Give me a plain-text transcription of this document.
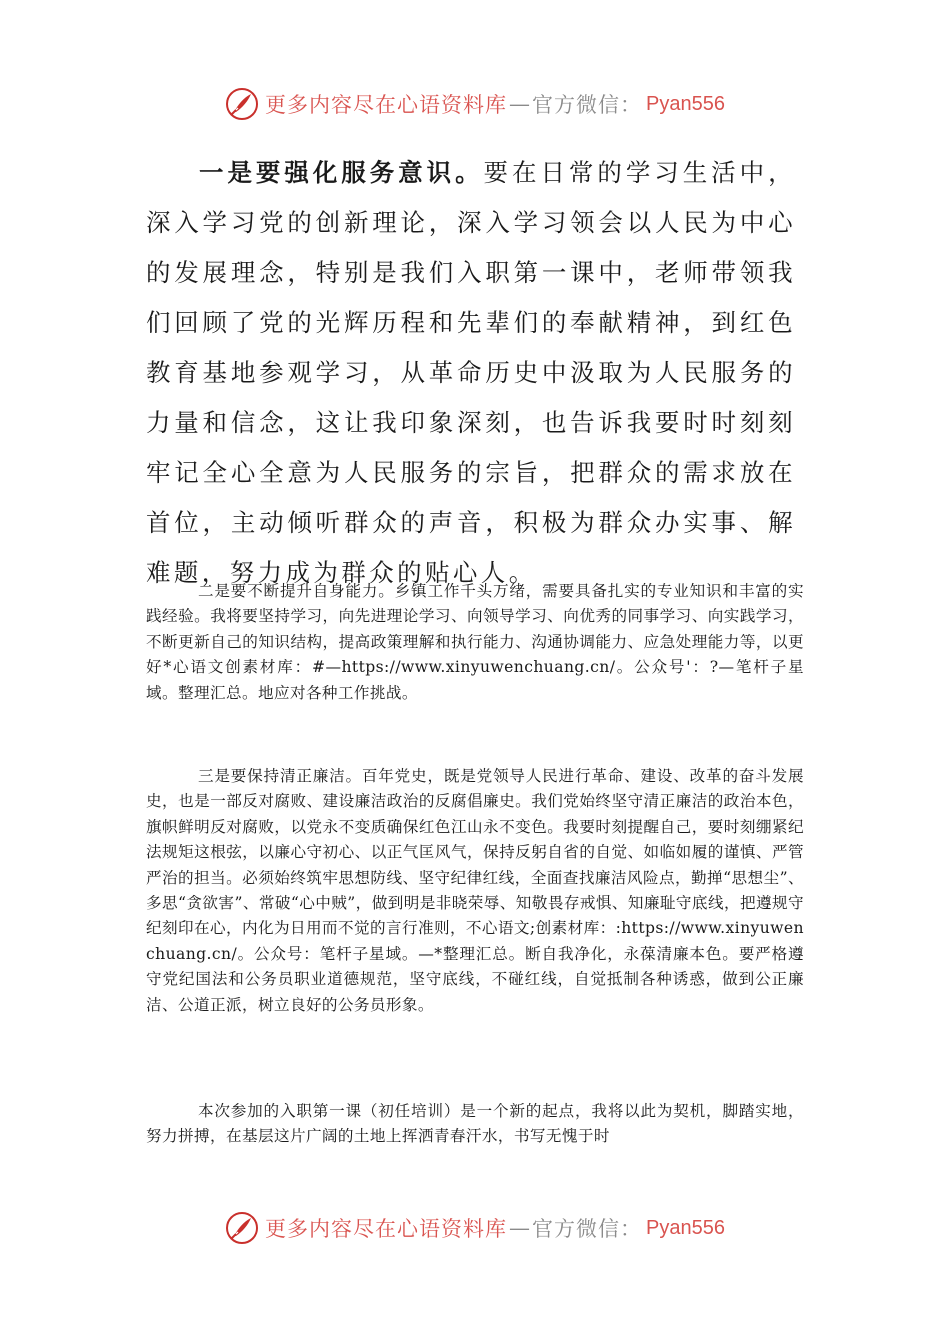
更多内容尽在心语资料库 — 官方微信： Pyan556

一是要强化服务意识。要在日常的学习生活中，深入学习党的创新理论，深入学习领会以人民为中心的发展理念，特别是我们入职第一课中，老师带领我们回顾了党的光辉历程和先辈们的奉献精神，到红色教育基地参观学习，从革命历史中汲取为人民服务的力量和信念，这让我印象深刻，也告诉我要时时刻刻牢记全心全意为人民服务的宗旨，把群众的需求放在首位，主动倾听群众的声音，积极为群众办实事、解难题，努力成为群众的贴心人。

二是要不断提升自身能力。乡镇工作千头万绪，需要具备扎实的专业知识和丰富的实践经验。我将要坚持学习，向先进理论学习、向领导学习、向优秀的同事学习、向实践学习，不断更新自己的知识结构，提高政策理解和执行能力、沟通协调能力、应急处理能力等，以更好*心语文创素材库：#—https://www.xinyuwenchuang.cn/。公众号'：?—笔杆子星域。整理汇总。地应对各种工作挑战。

三是要保持清正廉洁。百年党史，既是党领导人民进行革命、建设、改革的奋斗发展史，也是一部反对腐败、建设廉洁政治的反腐倡廉史。我们党始终坚守清正廉洁的政治本色，旗帜鲜明反对腐败，以党永不变质确保红色江山永不变色。我要时刻提醒自己，要时刻绷紧纪法规矩这根弦，以廉心守初心、以正气匡风气，保持反躬自省的自觉、如临如履的谨慎、严管严治的担当。必须始终筑牢思想防线、坚守纪律红线，全面查找廉洁风险点，勤掸“思想尘”、多思“贪欲害”、常破“心中贼”，做到明是非晓荣辱、知敬畏存戒惧、知廉耻守底线，把遵规守纪刻印在心，内化为日用而不觉的言行准则，不心语文;创素材库：:https://www.xinyuwenchuang.cn/。公众号：笔杆子星域。—*整理汇总。断自我净化，永葆清廉本色。要严格遵守党纪国法和公务员职业道德规范，坚守底线，不碰红线，自觉抵制各种诱惑，做到公正廉洁、公道正派，树立良好的公务员形象。

本次参加的入职第一课（初任培训）是一个新的起点，我将以此为契机，脚踏实地，努力拼搏，在基层这片广阔的土地上挥洒青春汗水，书写无愧于时

更多内容尽在心语资料库 — 官方微信： Pyan556
